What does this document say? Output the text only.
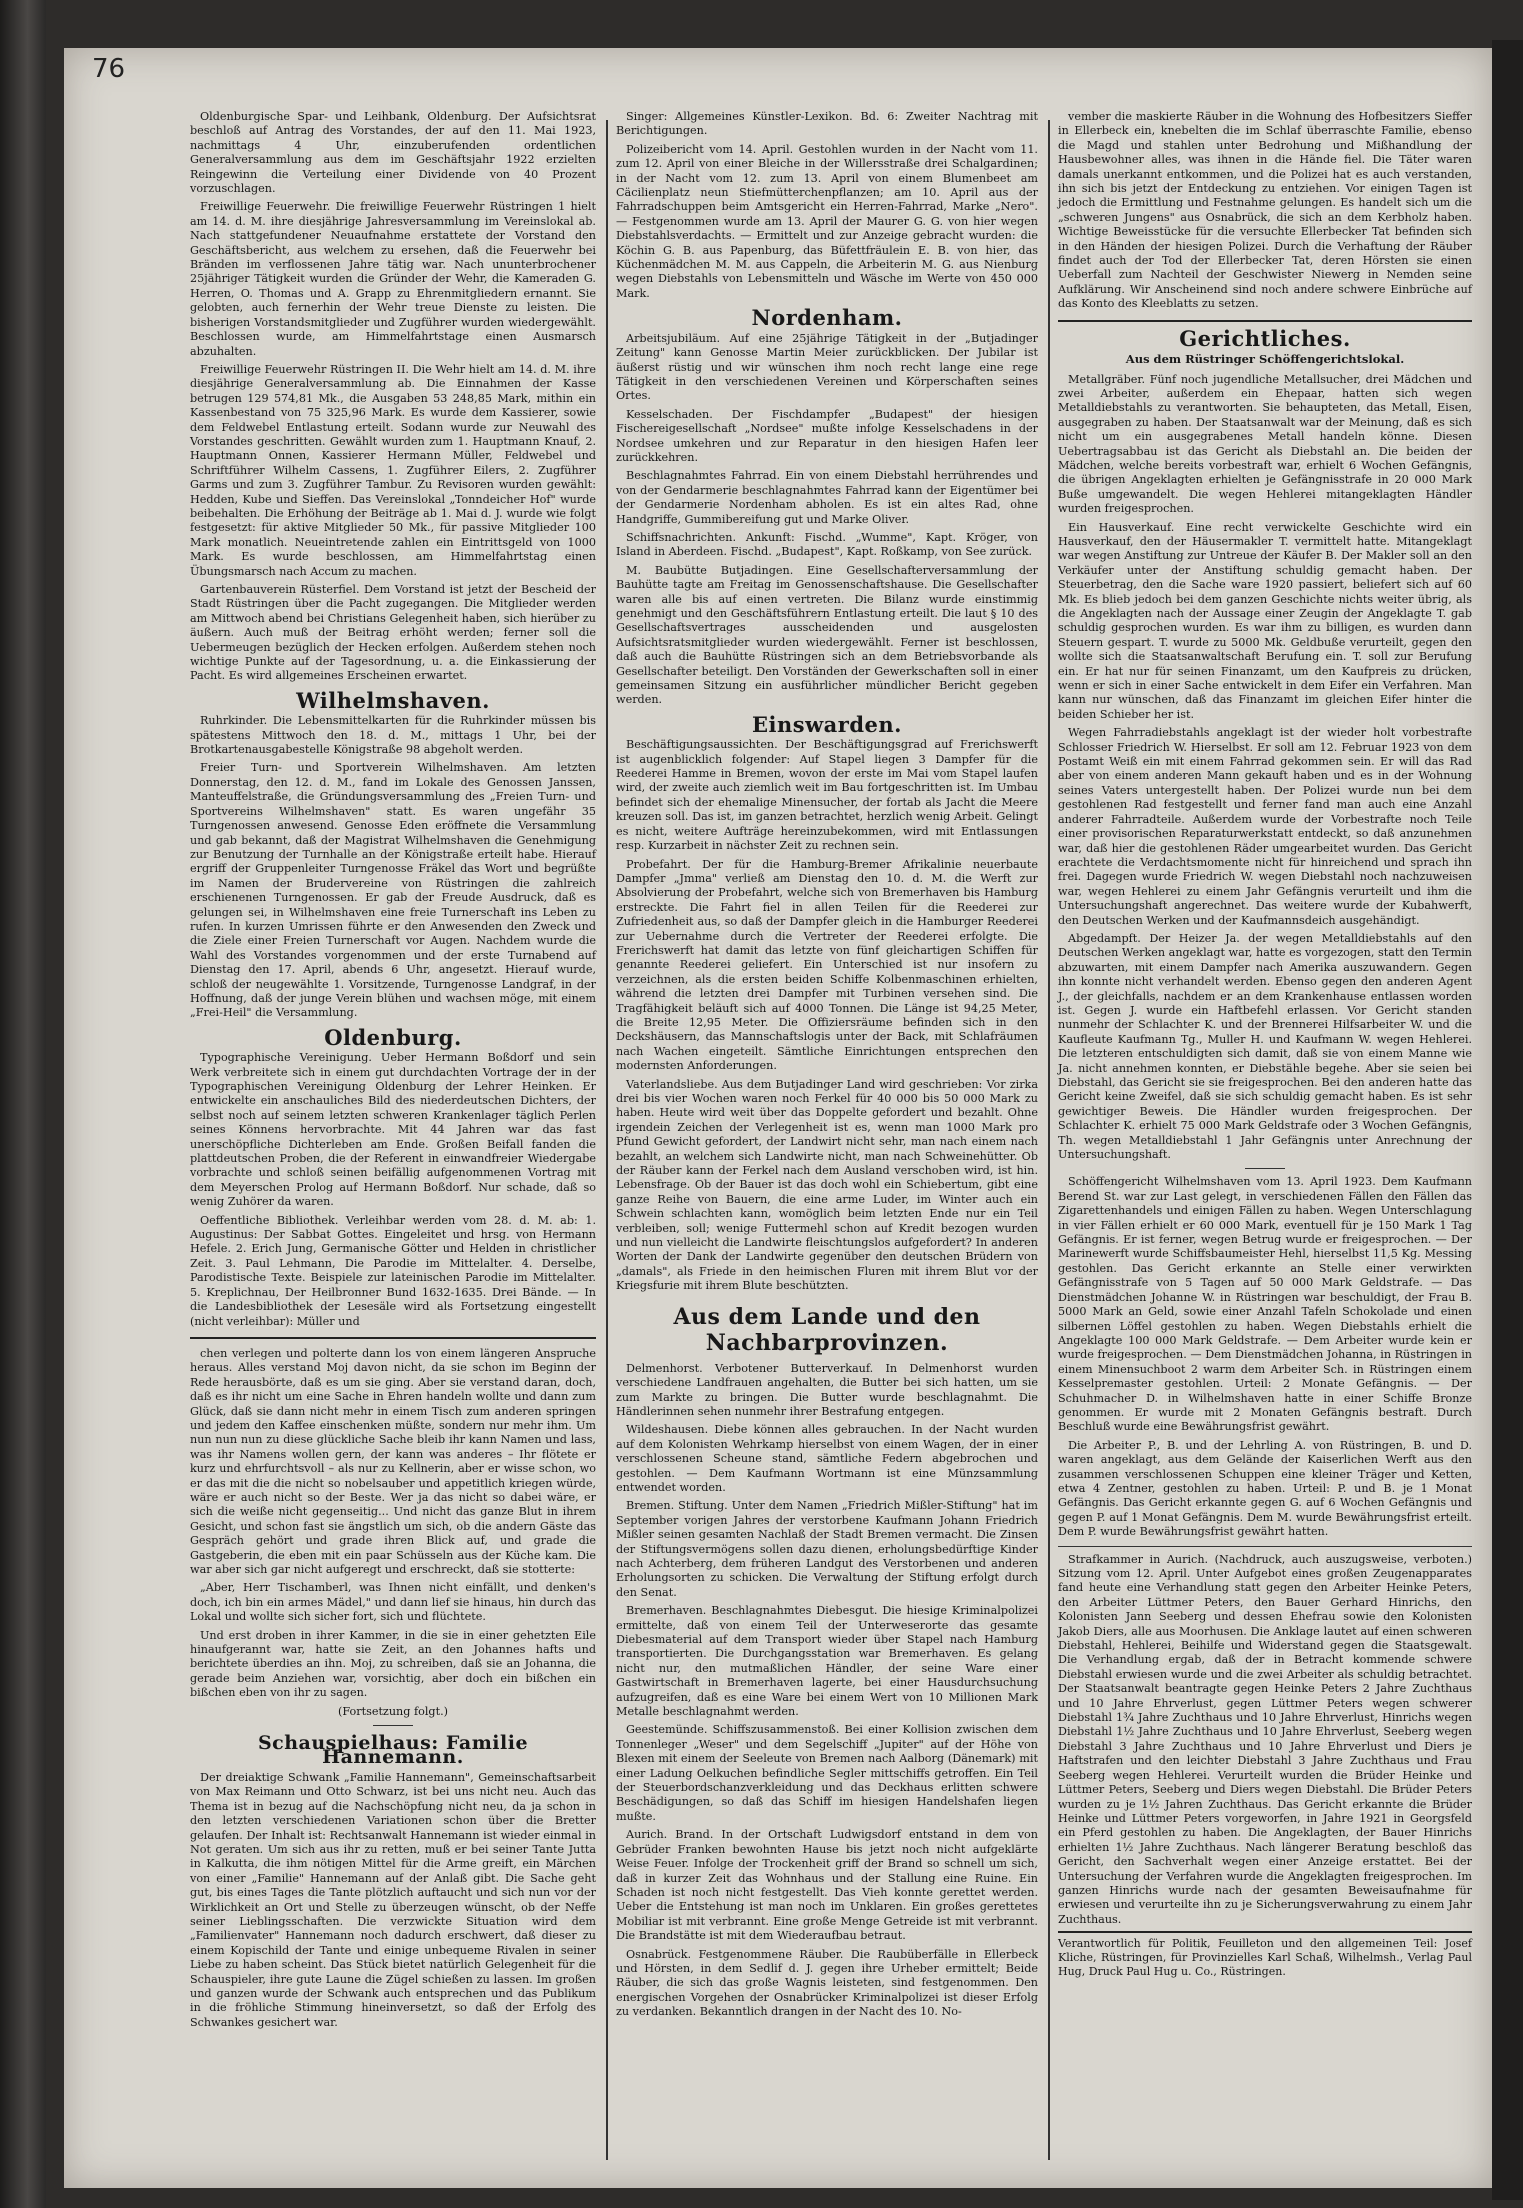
76

Oldenburgische Spar- und Leihbank, Oldenburg. Der Aufsichtsrat beschloß auf Antrag des Vorstandes, der auf den 11. Mai 1923, nachmittags 4 Uhr, einzuberufenden ordentlichen Generalversammlung aus dem im Geschäftsjahr 1922 erzielten Reingewinn die Verteilung einer Dividende von 40 Prozent vorzuschlagen.

Freiwillige Feuerwehr. Die freiwillige Feuerwehr Rüstringen 1 hielt am 14. d. M. ihre diesjährige Jahresversammlung im Vereinslokal ab. Nach stattgefundener Neuaufnahme erstattete der Vorstand den Geschäftsbericht, aus welchem zu ersehen, daß die Feuerwehr bei Bränden im verflossenen Jahre tätig war. Nach ununterbrochener 25jähriger Tätigkeit wurden die Gründer der Wehr, die Kameraden G. Herren, O. Thomas und A. Grapp zu Ehrenmitgliedern ernannt. Sie gelobten, auch fernerhin der Wehr treue Dienste zu leisten. Die bisherigen Vorstandsmitglieder und Zugführer wurden wiedergewählt. Beschlossen wurde, am Himmelfahrtstage einen Ausmarsch abzuhalten.

Freiwillige Feuerwehr Rüstringen II. Die Wehr hielt am 14. d. M. ihre diesjährige Generalversammlung ab. Die Einnahmen der Kasse betrugen 129 574,81 Mk., die Ausgaben 53 248,85 Mark, mithin ein Kassenbestand von 75 325,96 Mark. Es wurde dem Kassierer, sowie dem Feldwebel Entlastung erteilt. Sodann wurde zur Neuwahl des Vorstandes geschritten. Gewählt wurden zum 1. Hauptmann Knauf, 2. Hauptmann Onnen, Kassierer Hermann Müller, Feldwebel und Schriftführer Wilhelm Cassens, 1. Zugführer Eilers, 2. Zugführer Garms und zum 3. Zugführer Tambur. Zu Revisoren wurden gewählt: Hedden, Kube und Sieffen. Das Vereinslokal „Tonndeicher Hof" wurde beibehalten. Die Erhöhung der Beiträge ab 1. Mai d. J. wurde wie folgt festgesetzt: für aktive Mitglieder 50 Mk., für passive Mitglieder 100 Mark monatlich. Neueintretende zahlen ein Eintrittsgeld von 1000 Mark. Es wurde beschlossen, am Himmelfahrtstag einen Übungsmarsch nach Accum zu machen.

Gartenbauverein Rüsterfiel. Dem Vorstand ist jetzt der Bescheid der Stadt Rüstringen über die Pacht zugegangen. Die Mitglieder werden am Mittwoch abend bei Christians Gelegenheit haben, sich hierüber zu äußern. Auch muß der Beitrag erhöht werden; ferner soll die Uebermeugen bezüglich der Hecken erfolgen. Außerdem stehen noch wichtige Punkte auf der Tagesordnung, u. a. die Einkassierung der Pacht. Es wird allgemeines Erscheinen erwartet.

Wilhelmshaven.

Ruhrkinder. Die Lebensmittelkarten für die Ruhrkinder müssen bis spätestens Mittwoch den 18. d. M., mittags 1 Uhr, bei der Brotkartenausgabestelle Königstraße 98 abgeholt werden.

Freier Turn- und Sportverein Wilhelmshaven. Am letzten Donnerstag, den 12. d. M., fand im Lokale des Genossen Janssen, Manteuffelstraße, die Gründungsversammlung des „Freien Turn- und Sportvereins Wilhelmshaven" statt. Es waren ungefähr 35 Turngenossen anwesend. Genosse Eden eröffnete die Versammlung und gab bekannt, daß der Magistrat Wilhelmshaven die Genehmigung zur Benutzung der Turnhalle an der Königstraße erteilt habe. Hierauf ergriff der Gruppenleiter Turngenosse Fräkel das Wort und begrüßte im Namen der Brudervereine von Rüstringen die zahlreich erschienenen Turngenossen. Er gab der Freude Ausdruck, daß es gelungen sei, in Wilhelmshaven eine freie Turnerschaft ins Leben zu rufen. In kurzen Umrissen führte er den Anwesenden den Zweck und die Ziele einer Freien Turnerschaft vor Augen. Nachdem wurde die Wahl des Vorstandes vorgenommen und der erste Turnabend auf Dienstag den 17. April, abends 6 Uhr, angesetzt. Hierauf wurde, schloß der neugewählte 1. Vorsitzende, Turngenosse Landgraf, in der Hoffnung, daß der junge Verein blühen und wachsen möge, mit einem „Frei-Heil" die Versammlung.

Oldenburg.

Typographische Vereinigung. Ueber Hermann Boßdorf und sein Werk verbreitete sich in einem gut durchdachten Vortrage der in der Typographischen Vereinigung Oldenburg der Lehrer Heinken. Er entwickelte ein anschauliches Bild des niederdeutschen Dichters, der selbst noch auf seinem letzten schweren Krankenlager täglich Perlen seines Könnens hervorbrachte. Mit 44 Jahren war das fast unerschöpfliche Dichterleben am Ende. Großen Beifall fanden die plattdeutschen Proben, die der Referent in einwandfreier Wiedergabe vorbrachte und schloß seinen beifällig aufgenommenen Vortrag mit dem Meyerschen Prolog auf Hermann Boßdorf. Nur schade, daß so wenig Zuhörer da waren.

Oeffentliche Bibliothek. Verleihbar werden vom 28. d. M. ab: 1. Augustinus: Der Sabbat Gottes. Eingeleitet und hrsg. von Hermann Hefele. 2. Erich Jung, Germanische Götter und Helden in christlicher Zeit. 3. Paul Lehmann, Die Parodie im Mittelalter. 4. Derselbe, Parodistische Texte. Beispiele zur lateinischen Parodie im Mittelalter. 5. Kreplichnau, Der Heilbronner Bund 1632-1635. Drei Bände. — In die Landesbibliothek der Lesesäle wird als Fortsetzung eingestellt (nicht verleihbar): Müller und

chen verlegen und polterte dann los von einem längeren Anspruche heraus. Alles verstand Moj davon nicht, da sie schon im Beginn der Rede herausbörte, daß es um sie ging. Aber sie verstand daran, doch, daß es ihr nicht um eine Sache in Ehren handeln wollte und dann zum Glück, daß sie dann nicht mehr in einem Tisch zum anderen springen und jedem den Kaffee einschenken müßte, sondern nur mehr ihm. Um nun nun nun zu diese glückliche Sache bleib ihr kann Namen und lass, was ihr Namens wollen gern, der kann was anderes – Ihr flötete er kurz und ehrfurchtsvoll – als nur zu Kellnerin, aber er wisse schon, wo er das mit die die nicht so nobelsauber und appetitlich kriegen würde, wäre er auch nicht so der Beste. Wer ja das nicht so dabei wäre, er sich die weiße nicht gegenseitig... Und nicht das ganze Blut in ihrem Gesicht, und schon fast sie ängstlich um sich, ob die andern Gäste das Gespräch gehört und grade ihren Blick auf, und grade die Gastgeberin, die eben mit ein paar Schüsseln aus der Küche kam. Die war aber sich gar nicht aufgeregt und erschreckt, daß sie stotterte:

„Aber, Herr Tischamberl, was Ihnen nicht einfällt, und denken's doch, ich bin ein armes Mädel," und dann lief sie hinaus, hin durch das Lokal und wollte sich sicher fort, sich und flüchtete.

Und erst droben in ihrer Kammer, in die sie in einer gehetzten Eile hinaufgerannt war, hatte sie Zeit, an den Johannes hafts und berichtete überdies an ihn. Moj, zu schreiben, daß sie an Johanna, die gerade beim Anziehen war, vorsichtig, aber doch ein bißchen ein bißchen eben von ihr zu sagen.

(Fortsetzung folgt.)
Schauspielhaus: Familie Hannemann.

Der dreiaktige Schwank „Familie Hannemann", Gemeinschaftsarbeit von Max Reimann und Otto Schwarz, ist bei uns nicht neu. Auch das Thema ist in bezug auf die Nachschöpfung nicht neu, da ja schon in den letzten verschiedenen Variationen schon über die Bretter gelaufen. Der Inhalt ist: Rechtsanwalt Hannemann ist wieder einmal in Not geraten. Um sich aus ihr zu retten, muß er bei seiner Tante Jutta in Kalkutta, die ihm nötigen Mittel für die Arme greift, ein Märchen von einer „Familie" Hannemann auf der Anlaß gibt. Die Sache geht gut, bis eines Tages die Tante plötzlich auftaucht und sich nun vor der Wirklichkeit an Ort und Stelle zu überzeugen wünscht, ob der Neffe seiner Lieblingsschaften. Die verzwickte Situation wird dem „Familienvater" Hannemann noch dadurch erschwert, daß dieser zu einem Kopischild der Tante und einige unbequeme Rivalen in seiner Liebe zu haben scheint. Das Stück bietet natürlich Gelegenheit für die Schauspieler, ihre gute Laune die Zügel schießen zu lassen. Im großen und ganzen wurde der Schwank auch entsprechen und das Publikum in die fröhliche Stimmung hineinversetzt, so daß der Erfolg des Schwankes gesichert war.

Singer: Allgemeines Künstler-Lexikon. Bd. 6: Zweiter Nachtrag mit Berichtigungen.

Polizeibericht vom 14. April. Gestohlen wurden in der Nacht vom 11. zum 12. April von einer Bleiche in der Willersstraße drei Schalgardinen; in der Nacht vom 12. zum 13. April von einem Blumenbeet am Cäcilienplatz neun Stiefmütterchenpflanzen; am 10. April aus der Fahrradschuppen beim Amtsgericht ein Herren-Fahrrad, Marke „Nero". — Festgenommen wurde am 13. April der Maurer G. G. von hier wegen Diebstahlsverdachts. — Ermittelt und zur Anzeige gebracht wurden: die Köchin G. B. aus Papenburg, das Büfettfräulein E. B. von hier, das Küchenmädchen M. M. aus Cappeln, die Arbeiterin M. G. aus Nienburg wegen Diebstahls von Lebensmitteln und Wäsche im Werte von 450 000 Mark.

Nordenham.

Arbeitsjubiläum. Auf eine 25jährige Tätigkeit in der „Butjadinger Zeitung" kann Genosse Martin Meier zurückblicken. Der Jubilar ist äußerst rüstig und wir wünschen ihm noch recht lange eine rege Tätigkeit in den verschiedenen Vereinen und Körperschaften seines Ortes.

Kesselschaden. Der Fischdampfer „Budapest" der hiesigen Fischereigesellschaft „Nordsee" mußte infolge Kesselschadens in der Nordsee umkehren und zur Reparatur in den hiesigen Hafen leer zurückkehren.

Beschlagnahmtes Fahrrad. Ein von einem Diebstahl herrührendes und von der Gendarmerie beschlagnahmtes Fahrrad kann der Eigentümer bei der Gendarmerie Nordenham abholen. Es ist ein altes Rad, ohne Handgriffe, Gummibereifung gut und Marke Oliver.

Schiffsnachrichten. Ankunft: Fischd. „Wumme", Kapt. Kröger, von Island in Aberdeen. Fischd. „Budapest", Kapt. Roßkamp, von See zurück.

M. Baubütte Butjadingen. Eine Gesellschafterversammlung der Bauhütte tagte am Freitag im Genossenschaftshause. Die Gesellschafter waren alle bis auf einen vertreten. Die Bilanz wurde einstimmig genehmigt und den Geschäftsführern Entlastung erteilt. Die laut § 10 des Gesellschaftsvertrages ausscheidenden und ausgelosten Aufsichtsratsmitglieder wurden wiedergewählt. Ferner ist beschlossen, daß auch die Bauhütte Rüstringen sich an dem Betriebsvorbande als Gesellschafter beteiligt. Den Vorständen der Gewerkschaften soll in einer gemeinsamen Sitzung ein ausführlicher mündlicher Bericht gegeben werden.

Einswarden.

Beschäftigungsaussichten. Der Beschäftigungsgrad auf Frerichswerft ist augenblicklich folgender: Auf Stapel liegen 3 Dampfer für die Reederei Hamme in Bremen, wovon der erste im Mai vom Stapel laufen wird, der zweite auch ziemlich weit im Bau fortgeschritten ist. Im Umbau befindet sich der ehemalige Minensucher, der fortab als Jacht die Meere kreuzen soll. Das ist, im ganzen betrachtet, herzlich wenig Arbeit. Gelingt es nicht, weitere Aufträge hereinzubekommen, wird mit Entlassungen resp. Kurzarbeit in nächster Zeit zu rechnen sein.

Probefahrt. Der für die Hamburg-Bremer Afrikalinie neuerbaute Dampfer „Jmma" verließ am Dienstag den 10. d. M. die Werft zur Absolvierung der Probefahrt, welche sich von Bremerhaven bis Hamburg erstreckte. Die Fahrt fiel in allen Teilen für die Reederei zur Zufriedenheit aus, so daß der Dampfer gleich in die Hamburger Reederei zur Uebernahme durch die Vertreter der Reederei erfolgte. Die Frerichswerft hat damit das letzte von fünf gleichartigen Schiffen für genannte Reederei geliefert. Ein Unterschied ist nur insofern zu verzeichnen, als die ersten beiden Schiffe Kolbenmaschinen erhielten, während die letzten drei Dampfer mit Turbinen versehen sind. Die Tragfähigkeit beläuft sich auf 4000 Tonnen. Die Länge ist 94,25 Meter, die Breite 12,95 Meter. Die Offiziersräume befinden sich in den Deckshäusern, das Mannschaftslogis unter der Back, mit Schlafräumen nach Wachen eingeteilt. Sämtliche Einrichtungen entsprechen den modernsten Anforderungen.

Vaterlandsliebe. Aus dem Butjadinger Land wird geschrieben: Vor zirka drei bis vier Wochen waren noch Ferkel für 40 000 bis 50 000 Mark zu haben. Heute wird weit über das Doppelte gefordert und bezahlt. Ohne irgendein Zeichen der Verlegenheit ist es, wenn man 1000 Mark pro Pfund Gewicht gefordert, der Landwirt nicht sehr, man nach einem nach bezahlt, an welchem sich Landwirte nicht, man nach Schweinehütter. Ob der Räuber kann der Ferkel nach dem Ausland verschoben wird, ist hin. Lebensfrage. Ob der Bauer ist das doch wohl ein Schiebertum, gibt eine ganze Reihe von Bauern, die eine arme Luder, im Winter auch ein Schwein schlachten kann, womöglich beim letzten Ende nur ein Teil verbleiben, soll; wenige Futtermehl schon auf Kredit bezogen wurden und nun vielleicht die Landwirte fleischtungslos aufgefordert? In anderen Worten der Dank der Landwirte gegenüber den deutschen Brüdern von „damals", als Friede in den heimischen Fluren mit ihrem Blut vor der Kriegsfurie mit ihrem Blute beschützten.

Aus dem Lande und den Nachbarprovinzen.

Delmenhorst. Verbotener Butterverkauf. In Delmenhorst wurden verschiedene Landfrauen angehalten, die Butter bei sich hatten, um sie zum Markte zu bringen. Die Butter wurde beschlagnahmt. Die Händlerinnen sehen nunmehr ihrer Bestrafung entgegen.

Wildeshausen. Diebe können alles gebrauchen. In der Nacht wurden auf dem Kolonisten Wehrkamp hierselbst von einem Wagen, der in einer verschlossenen Scheune stand, sämtliche Federn abgebrochen und gestohlen. — Dem Kaufmann Wortmann ist eine Münzsammlung entwendet worden.

Bremen. Stiftung. Unter dem Namen „Friedrich Mißler-Stiftung" hat im September vorigen Jahres der verstorbene Kaufmann Johann Friedrich Mißler seinen gesamten Nachlaß der Stadt Bremen vermacht. Die Zinsen der Stiftungsvermögens sollen dazu dienen, erholungsbedürftige Kinder nach Achterberg, dem früheren Landgut des Verstorbenen und anderen Erholungsorten zu schicken. Die Verwaltung der Stiftung erfolgt durch den Senat.

Bremerhaven. Beschlagnahmtes Diebesgut. Die hiesige Kriminalpolizei ermittelte, daß von einem Teil der Unterweserorte das gesamte Diebesmaterial auf dem Transport wieder über Stapel nach Hamburg transportierten. Die Durchgangsstation war Bremerhaven. Es gelang nicht nur, den mutmaßlichen Händler, der seine Ware einer Gastwirtschaft in Bremerhaven lagerte, bei einer Hausdurchsuchung aufzugreifen, daß es eine Ware bei einem Wert von 10 Millionen Mark Metalle beschlagnahmt werden.

Geestemünde. Schiffszusammenstoß. Bei einer Kollision zwischen dem Tonnenleger „Weser" und dem Segelschiff „Jupiter" auf der Höhe von Blexen mit einem der Seeleute von Bremen nach Aalborg (Dänemark) mit einer Ladung Oelkuchen befindliche Segler mittschiffs getroffen. Ein Teil der Steuerbordschanzverkleidung und das Deckhaus erlitten schwere Beschädigungen, so daß das Schiff im hiesigen Handelshafen liegen mußte.

Aurich. Brand. In der Ortschaft Ludwigsdorf entstand in dem von Gebrüder Franken bewohnten Hause bis jetzt noch nicht aufgeklärte Weise Feuer. Infolge der Trockenheit griff der Brand so schnell um sich, daß in kurzer Zeit das Wohnhaus und der Stallung eine Ruine. Ein Schaden ist noch nicht festgestellt. Das Vieh konnte gerettet werden. Ueber die Entstehung ist man noch im Unklaren. Ein großes gerettetes Mobiliar ist mit verbrannt. Eine große Menge Getreide ist mit verbrannt. Die Brandstätte ist mit dem Wiederaufbau betraut.

Osnabrück. Festgenommene Räuber. Die Raubüberfälle in Ellerbeck und Hörsten, in dem Sedlif d. J. gegen ihre Urheber ermittelt; Beide Räuber, die sich das große Wagnis leisteten, sind festgenommen. Den energischen Vorgehen der Osnabrücker Kriminalpolizei ist dieser Erfolg zu verdanken. Bekanntlich drangen in der Nacht des 10. No-

vember die maskierte Räuber in die Wohnung des Hofbesitzers Sieffer in Ellerbeck ein, knebelten die im Schlaf überraschte Familie, ebenso die Magd und stahlen unter Bedrohung und Mißhandlung der Hausbewohner alles, was ihnen in die Hände fiel. Die Täter waren damals unerkannt entkommen, und die Polizei hat es auch verstanden, ihn sich bis jetzt der Entdeckung zu entziehen. Vor einigen Tagen ist jedoch die Ermittlung und Festnahme gelungen. Es handelt sich um die „schweren Jungens" aus Osnabrück, die sich an dem Kerbholz haben. Wichtige Beweisstücke für die versuchte Ellerbecker Tat befinden sich in den Händen der hiesigen Polizei. Durch die Verhaftung der Räuber findet auch der Tod der Ellerbecker Tat, deren Hörsten sie einen Ueberfall zum Nachteil der Geschwister Niewerg in Nemden seine Aufklärung. Wir Anscheinend sind noch andere schwere Einbrüche auf das Konto des Kleeblatts zu setzen.

Gerichtliches.
Aus dem Rüstringer Schöffengerichtslokal.

Metallgräber. Fünf noch jugendliche Metallsucher, drei Mädchen und zwei Arbeiter, außerdem ein Ehepaar, hatten sich wegen Metalldiebstahls zu verantworten. Sie behaupteten, das Metall, Eisen, ausgegraben zu haben. Der Staatsanwalt war der Meinung, daß es sich nicht um ein ausgegrabenes Metall handeln könne. Diesen Uebertragsabbau ist das Gericht als Diebstahl an. Die beiden der Mädchen, welche bereits vorbestraft war, erhielt 6 Wochen Gefängnis, die übrigen Angeklagten erhielten je Gefängnisstrafe in 20 000 Mark Buße umgewandelt. Die wegen Hehlerei mitangeklagten Händler wurden freigesprochen.

Ein Hausverkauf. Eine recht verwickelte Geschichte wird ein Hausverkauf, den der Häusermakler T. vermittelt hatte. Mitangeklagt war wegen Anstiftung zur Untreue der Käufer B. Der Makler soll an den Verkäufer unter der Anstiftung schuldig gemacht haben. Der Steuerbetrag, den die Sache ware 1920 passiert, beliefert sich auf 60 Mk. Es blieb jedoch bei dem ganzen Geschichte nichts weiter übrig, als die Angeklagten nach der Aussage einer Zeugin der Angeklagte T. gab schuldig gesprochen wurden. Es war ihm zu billigen, es wurden dann Steuern gespart. T. wurde zu 5000 Mk. Geldbuße verurteilt, gegen den wollte sich die Staatsanwaltschaft Berufung ein. T. soll zur Berufung ein. Er hat nur für seinen Finanzamt, um den Kaufpreis zu drücken, wenn er sich in einer Sache entwickelt in dem Eifer ein Verfahren. Man kann nur wünschen, daß das Finanzamt im gleichen Eifer hinter die beiden Schieber her ist.

Wegen Fahrradiebstahls angeklagt ist der wieder holt vorbestrafte Schlosser Friedrich W. Hierselbst. Er soll am 12. Februar 1923 von dem Postamt Weiß ein mit einem Fahrrad gekommen sein. Er will das Rad aber von einem anderen Mann gekauft haben und es in der Wohnung seines Vaters untergestellt haben. Der Polizei wurde nun bei dem gestohlenen Rad festgestellt und ferner fand man auch eine Anzahl anderer Fahrradteile. Außerdem wurde der Vorbestrafte noch Teile einer provisorischen Reparaturwerkstatt entdeckt, so daß anzunehmen war, daß hier die gestohlenen Räder umgearbeitet wurden. Das Gericht erachtete die Verdachtsmomente nicht für hinreichend und sprach ihn frei. Dagegen wurde Friedrich W. wegen Diebstahl noch nachzuweisen war, wegen Hehlerei zu einem Jahr Gefängnis verurteilt und ihm die Untersuchungshaft angerechnet. Das weitere wurde der Kubahwerft, den Deutschen Werken und der Kaufmannsdeich ausgehändigt.

Abgedampft. Der Heizer Ja. der wegen Metalldiebstahls auf den Deutschen Werken angeklagt war, hatte es vorgezogen, statt den Termin abzuwarten, mit einem Dampfer nach Amerika auszuwandern. Gegen ihn konnte nicht verhandelt werden. Ebenso gegen den anderen Agent J., der gleichfalls, nachdem er an dem Krankenhause entlassen worden ist. Gegen J. wurde ein Haftbefehl erlassen. Vor Gericht standen nunmehr der Schlachter K. und der Brennerei Hilfsarbeiter W. und die Kaufleute Kaufmann Tg., Muller H. und Kaufmann W. wegen Hehlerei. Die letzteren entschuldigten sich damit, daß sie von einem Manne wie Ja. nicht annehmen konnten, er Diebstähle begehe. Aber sie seien bei Diebstahl, das Gericht sie sie freigesprochen. Bei den anderen hatte das Gericht keine Zweifel, daß sie sich schuldig gemacht haben. Es ist sehr gewichtiger Beweis. Die Händler wurden freigesprochen. Der Schlachter K. erhielt 75 000 Mark Geldstrafe oder 3 Wochen Gefängnis, Th. wegen Metalldiebstahl 1 Jahr Gefängnis unter Anrechnung der Untersuchungshaft.

Schöffengericht Wilhelmshaven vom 13. April 1923. Dem Kaufmann Berend St. war zur Last gelegt, in verschiedenen Fällen den Fällen das Zigarettenhandels und einigen Fällen zu haben. Wegen Unterschlagung in vier Fällen erhielt er 60 000 Mark, eventuell für je 150 Mark 1 Tag Gefängnis. Er ist ferner, wegen Betrug wurde er freigesprochen. — Der Marinewerft wurde Schiffsbaumeister Hehl, hierselbst 11,5 Kg. Messing gestohlen. Das Gericht erkannte an Stelle einer verwirkten Gefängnisstrafe von 5 Tagen auf 50 000 Mark Geldstrafe. — Das Dienstmädchen Johanne W. in Rüstringen war beschuldigt, der Frau B. 5000 Mark an Geld, sowie einer Anzahl Tafeln Schokolade und einen silbernen Löffel gestohlen zu haben. Wegen Diebstahls erhielt die Angeklagte 100 000 Mark Geldstrafe. — Dem Arbeiter wurde kein er wurde freigesprochen. — Dem Dienstmädchen Johanna, in Rüstringen in einem Minensuchboot 2 warm dem Arbeiter Sch. in Rüstringen einem Kesselpremaster gestohlen. Urteil: 2 Monate Gefängnis. — Der Schuhmacher D. in Wilhelmshaven hatte in einer Schiffe Bronze genommen. Er wurde mit 2 Monaten Gefängnis bestraft. Durch Beschluß wurde eine Bewährungsfrist gewährt.

Die Arbeiter P., B. und der Lehrling A. von Rüstringen, B. und D. waren angeklagt, aus dem Gelände der Kaiserlichen Werft aus den zusammen verschlossenen Schuppen eine kleiner Träger und Ketten, etwa 4 Zentner, gestohlen zu haben. Urteil: P. und B. je 1 Monat Gefängnis. Das Gericht erkannte gegen G. auf 6 Wochen Gefängnis und gegen P. auf 1 Monat Gefängnis. Dem M. wurde Bewährungsfrist erteilt. Dem P. wurde Bewährungsfrist gewährt hatten.

Strafkammer in Aurich. (Nachdruck, auch auszugsweise, verboten.) Sitzung vom 12. April. Unter Aufgebot eines großen Zeugenapparates fand heute eine Verhandlung statt gegen den Arbeiter Heinke Peters, den Arbeiter Lüttmer Peters, den Bauer Gerhard Hinrichs, den Kolonisten Jann Seeberg und dessen Ehefrau sowie den Kolonisten Jakob Diers, alle aus Moorhusen. Die Anklage lautet auf einen schweren Diebstahl, Hehlerei, Beihilfe und Widerstand gegen die Staatsgewalt. Die Verhandlung ergab, daß der in Betracht kommende schwere Diebstahl erwiesen wurde und die zwei Arbeiter als schuldig betrachtet. Der Staatsanwalt beantragte gegen Heinke Peters 2 Jahre Zuchthaus und 10 Jahre Ehrverlust, gegen Lüttmer Peters wegen schwerer Diebstahl 1¾ Jahre Zuchthaus und 10 Jahre Ehrverlust, Hinrichs wegen Diebstahl 1½ Jahre Zuchthaus und 10 Jahre Ehrverlust, Seeberg wegen Diebstahl 3 Jahre Zuchthaus und 10 Jahre Ehrverlust und Diers je Haftstrafen und den leichter Diebstahl 3 Jahre Zuchthaus und Frau Seeberg wegen Hehlerei. Verurteilt wurden die Brüder Heinke und Lüttmer Peters, Seeberg und Diers wegen Diebstahl. Die Brüder Peters wurden zu je 1½ Jahren Zuchthaus. Das Gericht erkannte die Brüder Heinke und Lüttmer Peters vorgeworfen, in Jahre 1921 in Georgsfeld ein Pferd gestohlen zu haben. Die Angeklagten, der Bauer Hinrichs erhielten 1½ Jahre Zuchthaus. Nach längerer Beratung beschloß das Gericht, den Sachverhalt wegen einer Anzeige erstattet. Bei der Untersuchung der Verfahren wurde die Angeklagten freigesprochen. Im ganzen Hinrichs wurde nach der gesamten Beweisaufnahme für erwiesen und verurteilte ihn zu je Sicherungsverwahrung zu einem Jahr Zuchthaus.

Verantwortlich für Politik, Feuilleton und den allgemeinen Teil: Josef Kliche, Rüstringen, für Provinzielles Karl Schaß, Wilhelmsh., Verlag Paul Hug, Druck Paul Hug u. Co., Rüstringen.
